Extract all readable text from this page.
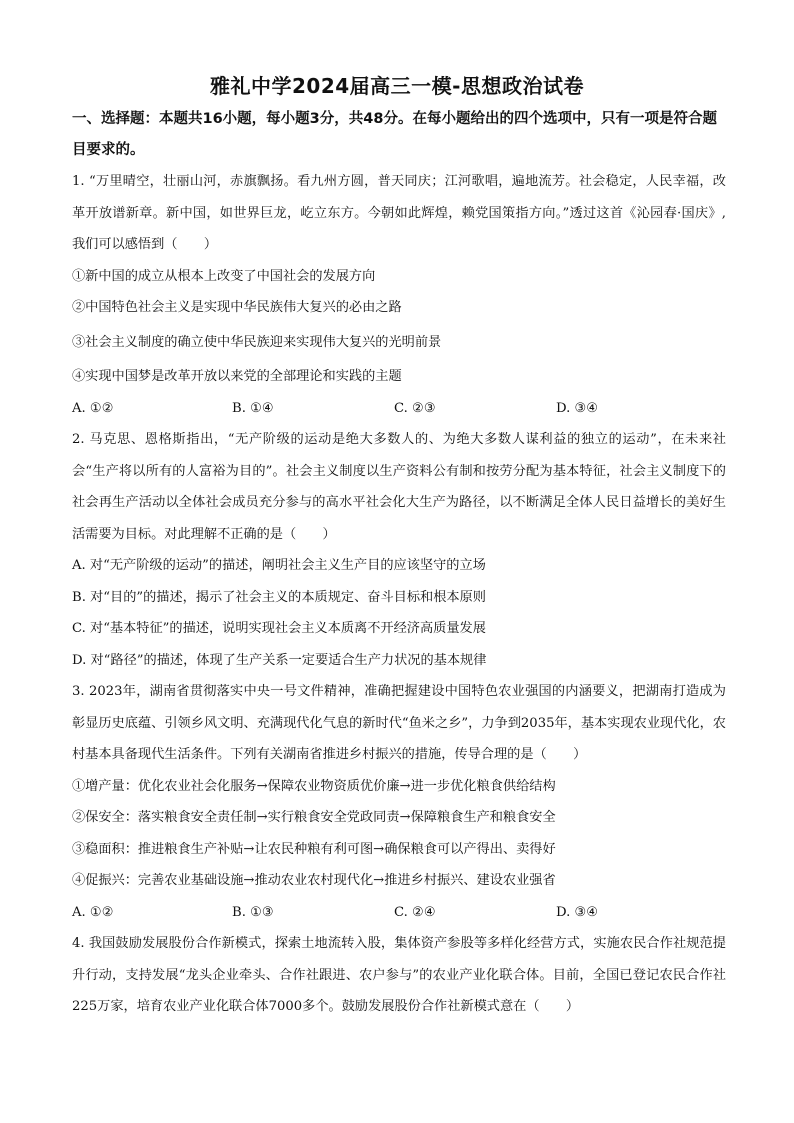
雅礼中学2024届高三一模-思想政治试卷

一、选择题：本题共16小题，每小题3分，共48分。在每小题给出的四个选项中，只有一项是符合题目要求的。

1. “万里晴空，壮丽山河，赤旗飘扬。看九州方圆，普天同庆；江河歌唱，遍地流芳。社会稳定，人民幸福，改革开放谱新章。新中国，如世界巨龙，屹立东方。今朝如此辉煌，赖党国策指方向。”透过这首《沁园春·国庆》,我们可以感悟到（　　）

①新中国的成立从根本上改变了中国社会的发展方向

②中国特色社会主义是实现中华民族伟大复兴的必由之路

③社会主义制度的确立使中华民族迎来实现伟大复兴的光明前景

④实现中国梦是改革开放以来党的全部理论和实践的主题

A. ①②	B. ①④	C. ②③	D. ③④

2. 马克思、恩格斯指出，“无产阶级的运动是绝大多数人的、为绝大多数人谋利益的独立的运动”，在未来社会“生产将以所有的人富裕为目的”。社会主义制度以生产资料公有制和按劳分配为基本特征，社会主义制度下的社会再生产活动以全体社会成员充分参与的高水平社会化大生产为路径，以不断满足全体人民日益增长的美好生活需要为目标。对此理解不正确的是（　　）

A. 对“无产阶级的运动”的描述，阐明社会主义生产目的应该坚守的立场

B. 对“目的”的描述，揭示了社会主义的本质规定、奋斗目标和根本原则

C. 对“基本特征”的描述，说明实现社会主义本质离不开经济高质量发展

D. 对“路径”的描述，体现了生产关系一定要适合生产力状况的基本规律

3. 2023年，湖南省贯彻落实中央一号文件精神，准确把握建设中国特色农业强国的内涵要义，把湖南打造成为彰显历史底蕴、引领乡风文明、充满现代化气息的新时代“鱼米之乡”，力争到2035年，基本实现农业现代化，农村基本具备现代生活条件。下列有关湖南省推进乡村振兴的措施，传导合理的是（　　）

①增产量：优化农业社会化服务→保障农业物资质优价廉→进一步优化粮食供给结构

②保安全：落实粮食安全责任制→实行粮食安全党政同责→保障粮食生产和粮食安全

③稳面积：推进粮食生产补贴→让农民种粮有利可图→确保粮食可以产得出、卖得好

④促振兴：完善农业基础设施→推动农业农村现代化→推进乡村振兴、建设农业强省

A. ①②	B. ①③	C. ②④	D. ③④

4. 我国鼓励发展股份合作新模式，探索土地流转入股，集体资产参股等多样化经营方式，实施农民合作社规范提升行动，支持发展“龙头企业牵头、合作社跟进、农户参与”的农业产业化联合体。目前，全国已登记农民合作社225万家，培育农业产业化联合体7000多个。鼓励发展股份合作社新模式意在（　　）
